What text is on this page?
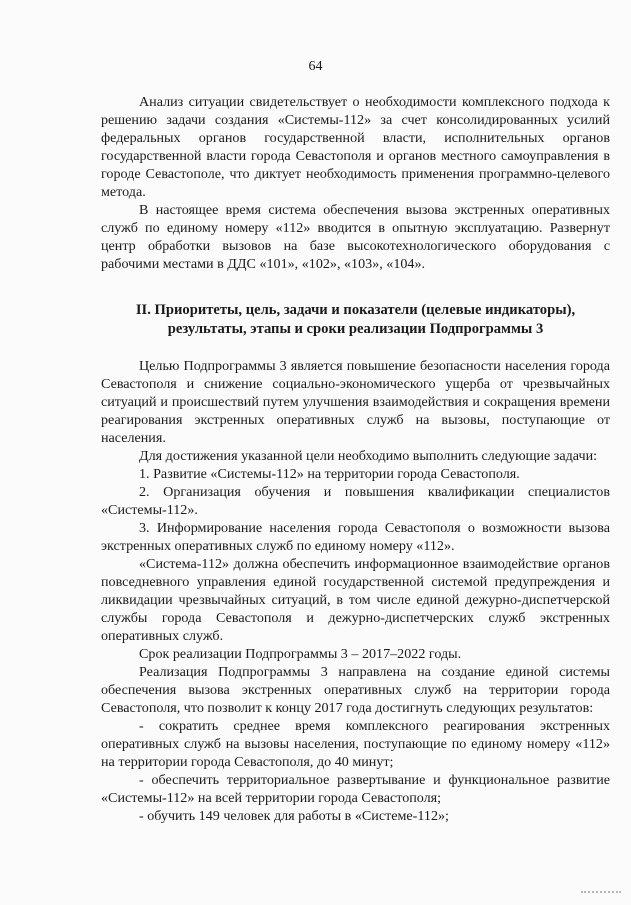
64

Анализ ситуации свидетельствует о необходимости комплексного подхода к решению задачи создания «Системы-112» за счет консолидированных усилий федеральных органов государственной власти, исполнительных органов государственной власти города Севастополя и органов местного самоуправления в городе Севастополе, что диктует необходимость применения программно-целевого метода.

В настоящее время система обеспечения вызова экстренных оперативных служб по единому номеру «112» вводится в опытную эксплуатацию. Развернут центр обработки вызовов на базе высокотехнологического оборудования с рабочими местами в ДДС «101», «102», «103», «104».

II. Приоритеты, цель, задачи и показатели (целевые индикаторы), результаты, этапы и сроки реализации Подпрограммы 3

Целью Подпрограммы 3 является повышение безопасности населения города Севастополя и снижение социально-экономического ущерба от чрезвычайных ситуаций и происшествий путем улучшения взаимодействия и сокращения времени реагирования экстренных оперативных служб на вызовы, поступающие от населения.

Для достижения указанной цели необходимо выполнить следующие задачи:

1. Развитие «Системы-112» на территории города Севастополя.

2. Организация обучения и повышения квалификации специалистов «Системы-112».

3. Информирование населения города Севастополя о возможности вызова экстренных оперативных служб по единому номеру «112».

«Система-112» должна обеспечить информационное взаимодействие органов повседневного управления единой государственной системой предупреждения и ликвидации чрезвычайных ситуаций, в том числе единой дежурно-диспетчерской службы города Севастополя и дежурно-диспетчерских служб экстренных оперативных служб.

Срок реализации Подпрограммы 3 – 2017–2022 годы.

Реализация Подпрограммы 3 направлена на создание единой системы обеспечения вызова экстренных оперативных служб на территории города Севастополя, что позволит к концу 2017 года достигнуть следующих результатов:

- сократить среднее время комплексного реагирования экстренных оперативных служб на вызовы населения, поступающие по единому номеру «112» на территории города Севастополя, до 40 минут;

- обеспечить территориальное развертывание и функциональное развитие «Системы-112» на всей территории города Севастополя;

- обучить 149 человек для работы в «Системе-112»;
